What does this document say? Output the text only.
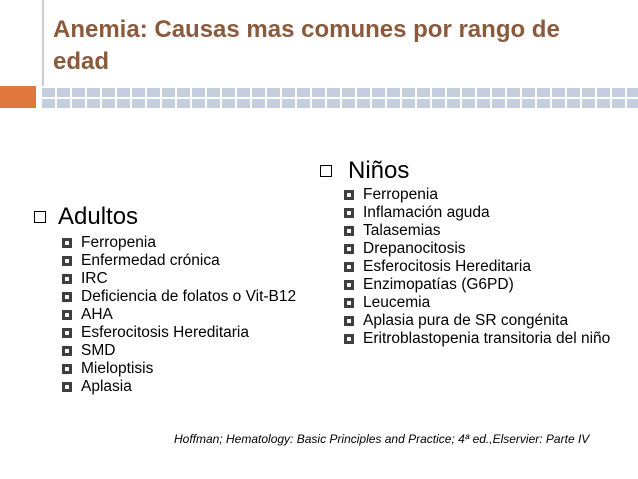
Anemia: Causas mas comunes por rango de edad
Adultos
Ferropenia
Enfermedad crónica
IRC
Deficiencia de folatos o Vit-B12
AHA
Esferocitosis Hereditaria
SMD
Mieloptisis
Aplasia
Niños
Ferropenia
Inflamación aguda
Talasemias
Drepanocitosis
Esferocitosis Hereditaria
Enzimopatías (G6PD)
Leucemia
Aplasia pura de SR congénita
Eritroblastopenia transitoria del niño
Hoffman; Hematology: Basic Principles and Practice; 4ª ed.,Elservier: Parte IV
